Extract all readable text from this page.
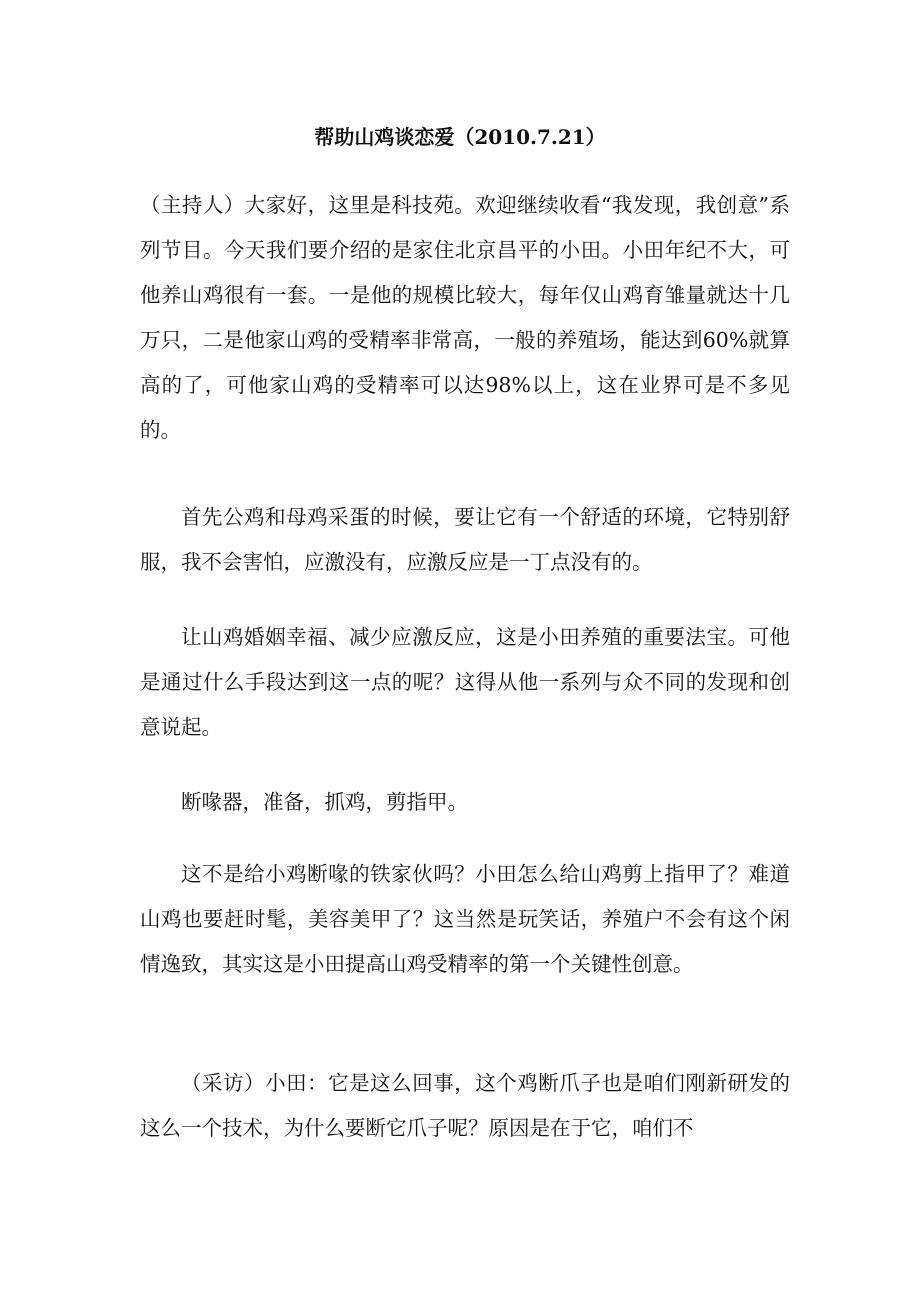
帮助山鸡谈恋爱（2010.7.21）

（主持人）大家好，这里是科技苑。欢迎继续收看“我发现，我创意”系列节目。今天我们要介绍的是家住北京昌平的小田。小田年纪不大，可他养山鸡很有一套。一是他的规模比较大，每年仅山鸡育雏量就达十几万只，二是他家山鸡的受精率非常高，一般的养殖场，能达到60%就算高的了，可他家山鸡的受精率可以达98%以上，这在业界可是不多见的。

首先公鸡和母鸡采蛋的时候，要让它有一个舒适的环境，它特别舒服，我不会害怕，应激没有，应激反应是一丁点没有的。

让山鸡婚姻幸福、减少应激反应，这是小田养殖的重要法宝。可他是通过什么手段达到这一点的呢？这得从他一系列与众不同的发现和创意说起。

断喙器，准备，抓鸡，剪指甲。

这不是给小鸡断喙的铁家伙吗？小田怎么给山鸡剪上指甲了？难道山鸡也要赶时髦，美容美甲了？这当然是玩笑话，养殖户不会有这个闲情逸致，其实这是小田提高山鸡受精率的第一个关键性创意。

（采访）小田：它是这么回事，这个鸡断爪子也是咱们刚新研发的这么一个技术，为什么要断它爪子呢？原因是在于它，咱们不
